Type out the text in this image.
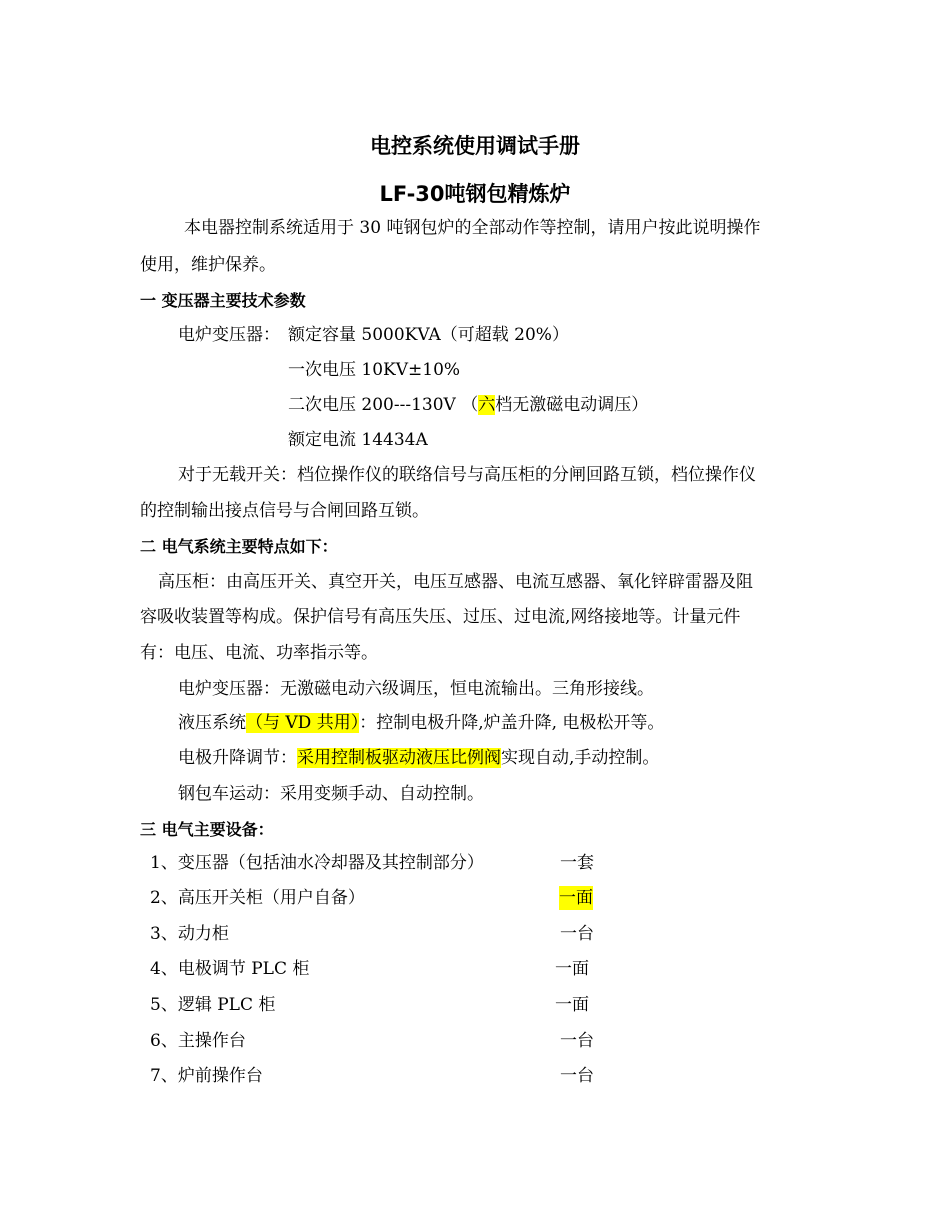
电控系统使用调试手册
LF-30吨钢包精炼炉
本电器控制系统适用于 30 吨钢包炉的全部动作等控制，请用户按此说明操作
使用，维护保养。
一 变压器主要技术参数
电炉变压器： 额定容量 5000KVA（可超载 20%）
一次电压 10KV±10%
二次电压 200---130V （六档无激磁电动调压）
额定电流 14434A
对于无载开关：档位操作仪的联络信号与高压柜的分闸回路互锁，档位操作仪
的控制输出接点信号与合闸回路互锁。
二 电气系统主要特点如下：
高压柜：由高压开关、真空开关，电压互感器、电流互感器、氧化锌辟雷器及阻
容吸收装置等构成。保护信号有高压失压、过压、过电流,网络接地等。计量元件
有：电压、电流、功率指示等。
电炉变压器：无激磁电动六级调压，恒电流输出。三角形接线。
液压系统（与 VD 共用）：控制电极升降,炉盖升降, 电极松开等。
电极升降调节：采用控制板驱动液压比例阀实现自动,手动控制。
钢包车运动：采用变频手动、自动控制。
三 电气主要设备：
1、变压器（包括油水冷却器及其控制部分）	一套
2、高压开关柜（用户自备）	一面
3、动力柜	一台
4、电极调节 PLC 柜	一面
5、逻辑 PLC 柜	一面
6、主操作台	一台
7、炉前操作台	一台
